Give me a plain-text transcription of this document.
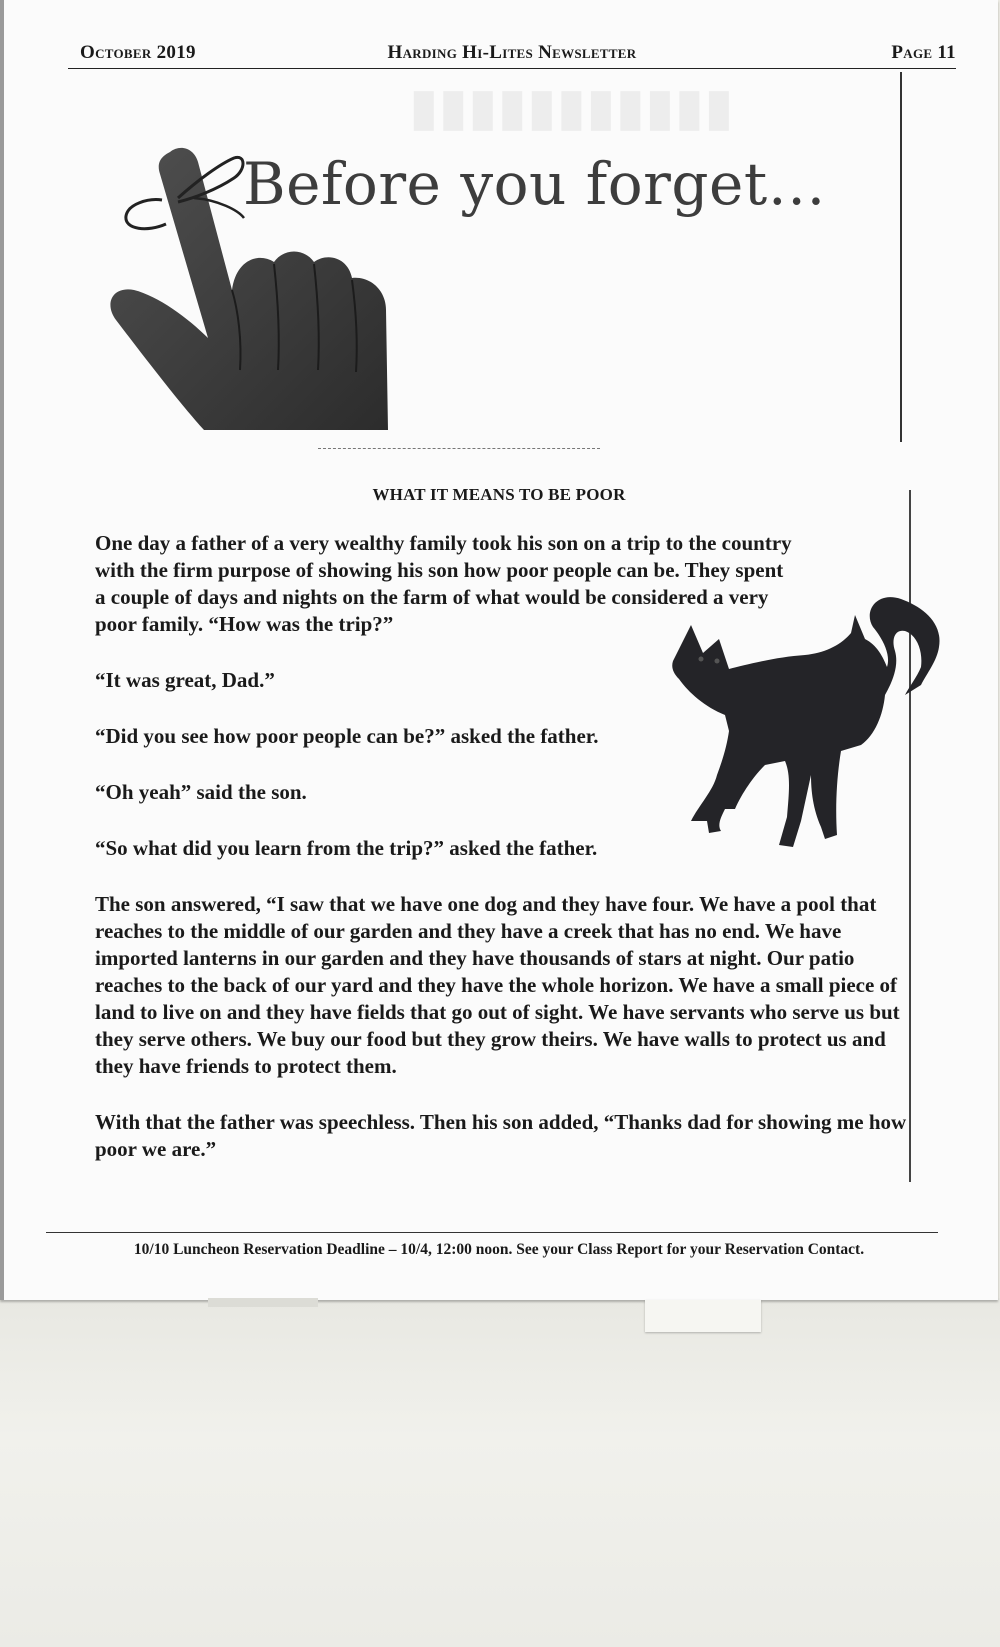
▮▮▮▮▮▮▮▮▮▮▮
October 2019	Harding Hi-Lites Newsletter	Page 11
Before you forget…
WHAT IT MEANS TO BE POOR

One day a father of a very wealthy family took his son on a trip to the country with the firm purpose of showing his son how poor people can be. They spent a couple of days and nights on the farm of what would be considered a very poor family. “How was the trip?”

“It was great, Dad.”

“Did you see how poor people can be?” asked the father.

“Oh yeah” said the son.

“So what did you learn from the trip?” asked the father.

The son answered, “I saw that we have one dog and they have four. We have a pool that reaches to the middle of our garden and they have a creek that has no end. We have imported lanterns in our garden and they have thousands of stars at night. Our patio reaches to the back of our yard and they have the whole horizon. We have a small piece of land to live on and they have fields that go out of sight. We have servants who serve us but they serve others. We buy our food but they grow theirs. We have walls to protect us and they have friends to protect them.

With that the father was speechless. Then his son added, “Thanks dad for showing me how poor we are.”

10/10 Luncheon Reservation Deadline – 10/4, 12:00 noon. See your Class Report for your Reservation Contact.
